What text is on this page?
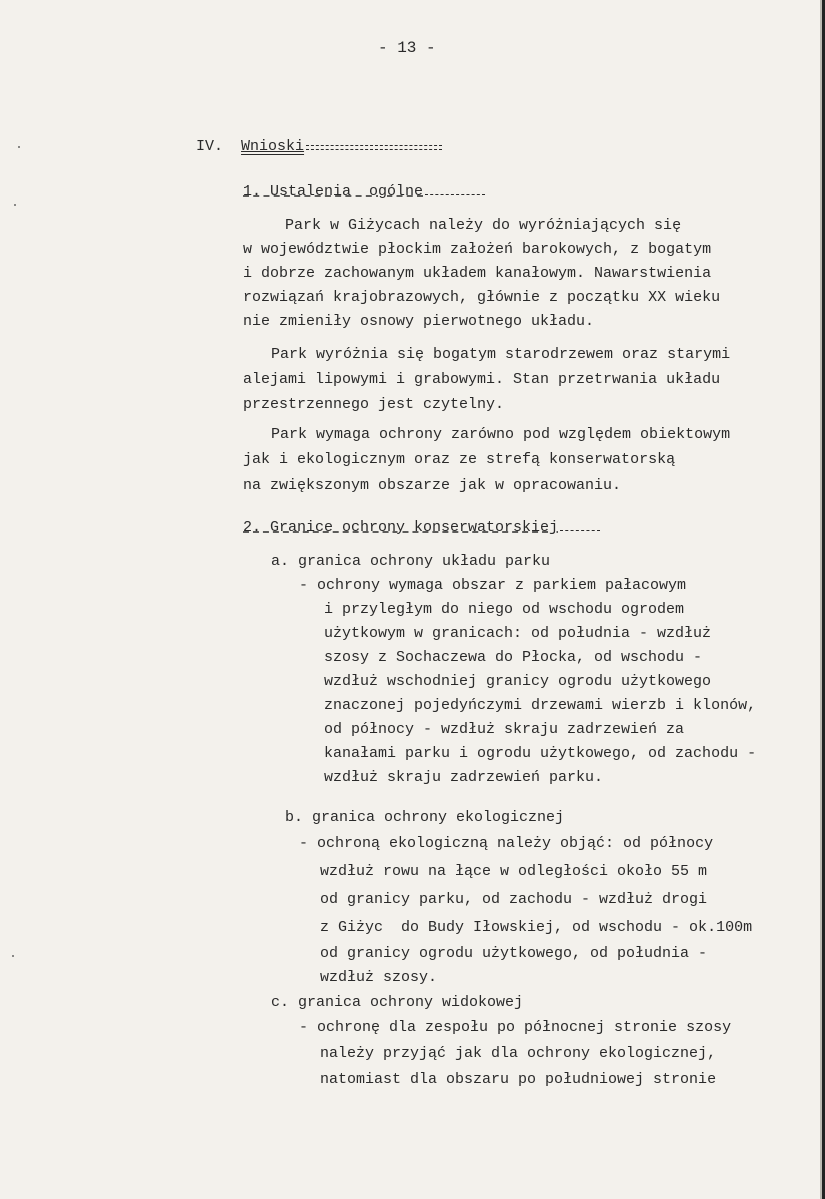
- 13 -
IV. Wnioski
1. Ustalenia  ogólne
Park w Giżycach należy do wyróżniających się
w województwie płockim założeń barokowych, z bogatym
i dobrze zachowanym układem kanałowym. Nawarstwienia
rozwiązań krajobrazowych, głównie z początku XX wieku
nie zmieniły osnowy pierwotnego układu.
Park wyróżnia się bogatym starodrzewem oraz starymi
alejami lipowymi i grabowymi. Stan przetrwania układu
przestrzennego jest czytelny.
Park wymaga ochrony zarówno pod względem obiektowym
jak i ekologicznym oraz ze strefą konserwatorską
na zwiększonym obszarze jak w opracowaniu.
2. Granice ochrony konserwatorskiej
a. granica ochrony układu parku
- ochrony wymaga obszar z parkiem pałacowym
i przyległym do niego od wschodu ogrodem
użytkowym w granicach: od południa - wzdłuż
szosy z Sochaczewa do Płocka, od wschodu -
wzdłuż wschodniej granicy ogrodu użytkowego
znaczonej pojedyńczymi drzewami wierzb i klonów,
od północy - wzdłuż skraju zadrzewień za
kanałami parku i ogrodu użytkowego, od zachodu -
wzdłuż skraju zadrzewień parku.
b. granica ochrony ekologicznej
- ochroną ekologiczną należy objąć: od północy
wzdłuż rowu na łące w odległości około 55 m
od granicy parku, od zachodu - wzdłuż drogi
z Giżyc  do Budy Iłowskiej, od wschodu - ok.100m
od granicy ogrodu użytkowego, od południa -
wzdłuż szosy.
c. granica ochrony widokowej
- ochronę dla zespołu po północnej stronie szosy
należy przyjąć jak dla ochrony ekologicznej,
natomiast dla obszaru po południowej stronie
